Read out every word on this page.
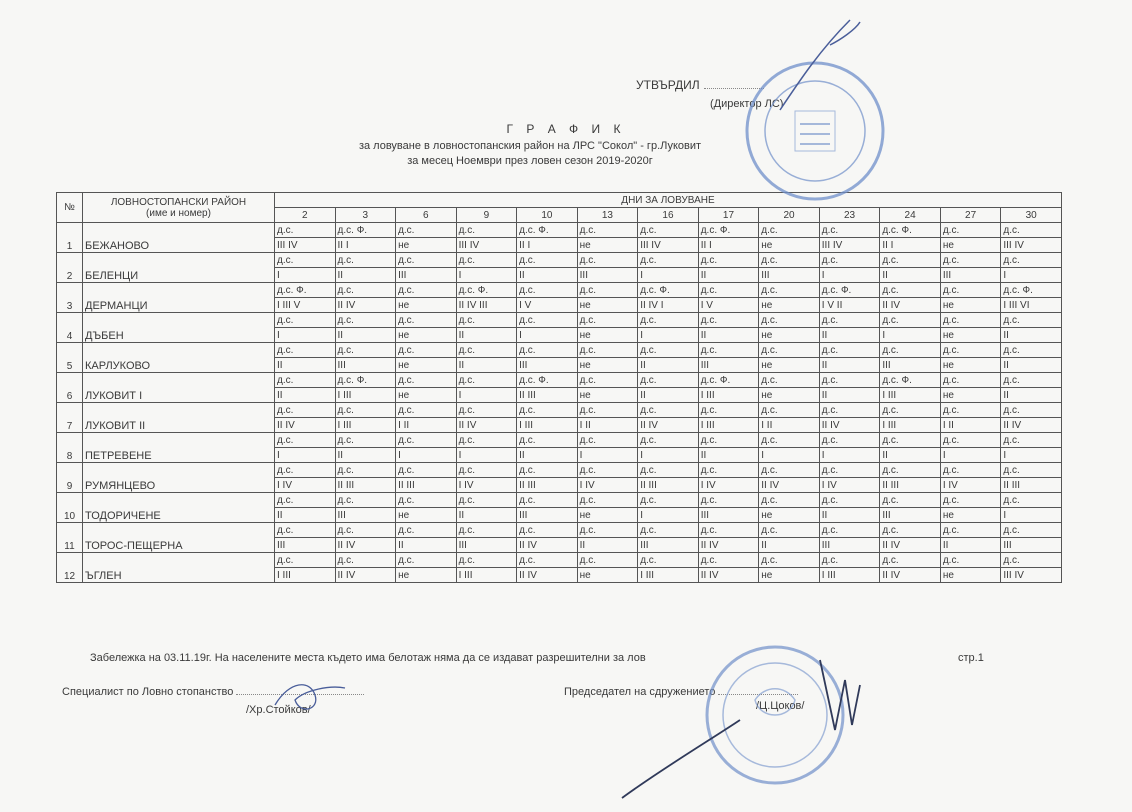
УТВЪРДИЛ
(Директор ЛС)
Г Р А Ф И К
за ловуване в ловностопанския район на ЛРС "Сокол" - гр.Луковит
за месец Ноември през ловен сезон 2019-2020г
№	ЛОВНОСТОПАНСКИ РАЙОН
(име и номер)	ДНИ ЗА ЛОВУВАНЕ												
		2	3	6	9	10	13	16	17	20	23	24	27	30
1	БЕЖАНОВО	д.с.	д.с. Ф.	д.с.	д.с.	д.с. Ф.	д.с.	д.с.	д.с. Ф.	д.с.	д.с.	д.с. Ф.	д.с.	д.с.
		III IV	II I	не	III IV	II I	не	III IV	II I	не	III IV	II I	не	III IV
2	БЕЛЕНЦИ	д.с.	д.с.	д.с.	д.с.	д.с.	д.с.	д.с.	д.с.	д.с.	д.с.	д.с.	д.с.	д.с.
		I	II	III	I	II	III	I	II	III	I	II	III	I
3	ДЕРМАНЦИ	д.с. Ф.	д.с.	д.с.	д.с. Ф.	д.с.	д.с.	д.с. Ф.	д.с.	д.с.	д.с. Ф.	д.с.	д.с.	д.с. Ф.
		I III V	II IV	не	II IV III	I V	не	II IV I	I V	не	I V II	II IV	не	I III VI
4	ДЪБЕН	д.с.	д.с.	д.с.	д.с.	д.с.	д.с.	д.с.	д.с.	д.с.	д.с.	д.с.	д.с.	д.с.
		I	II	не	II	I	не	I	II	не	II	I	не	II
5	КАРЛУКОВО	д.с.	д.с.	д.с.	д.с.	д.с.	д.с.	д.с.	д.с.	д.с.	д.с.	д.с.	д.с.	д.с.
		II	III	не	II	III	не	II	III	не	II	III	не	II
6	ЛУКОВИТ I	д.с.	д.с. Ф.	д.с.	д.с.	д.с. Ф.	д.с.	д.с.	д.с. Ф.	д.с.	д.с.	д.с. Ф.	д.с.	д.с.
		II	I III	не	I	II III	не	II	I III	не	II	I III	не	II
7	ЛУКОВИТ II	д.с.	д.с.	д.с.	д.с.	д.с.	д.с.	д.с.	д.с.	д.с.	д.с.	д.с.	д.с.	д.с.
		II IV	I III	I II	II IV	I III	I II	II IV	I III	I II	II IV	I III	I II	II IV
8	ПЕТРЕВЕНЕ	д.с.	д.с.	д.с.	д.с.	д.с.	д.с.	д.с.	д.с.	д.с.	д.с.	д.с.	д.с.	д.с.
		I	II	I	I	II	I	I	II	I	I	II	I	I
9	РУМЯНЦЕВО	д.с.	д.с.	д.с.	д.с.	д.с.	д.с.	д.с.	д.с.	д.с.	д.с.	д.с.	д.с.	д.с.
		I IV	II III	II III	I IV	II III	I IV	II III	I IV	II IV	I IV	II III	I IV	II III
10	ТОДОРИЧЕНЕ	д.с.	д.с.	д.с.	д.с.	д.с.	д.с.	д.с.	д.с.	д.с.	д.с.	д.с.	д.с.	д.с.
		II	III	не	II	III	не	I	III	не	II	III	не	I
11	ТОРОС-ПЕЩЕРНА	д.с.	д.с.	д.с.	д.с.	д.с.	д.с.	д.с.	д.с.	д.с.	д.с.	д.с.	д.с.	д.с.
		III	II IV	II	III	II IV	II	III	II IV	II	III	II IV	II	III
12	ЪГЛЕН	д.с.	д.с.	д.с.	д.с.	д.с.	д.с.	д.с.	д.с.	д.с.	д.с.	д.с.	д.с.	д.с.
		I III	II IV	не	I III	II IV	не	I III	II IV	не	I III	II IV	не	III IV
Забележка на 03.11.19г. На населените места където има белотаж няма да се издават разрешителни за лов	стр.1
Специалист по Ловно стопанство
/Хр.Стойков/
Председател на сдружението
/Ц.Цоков/
